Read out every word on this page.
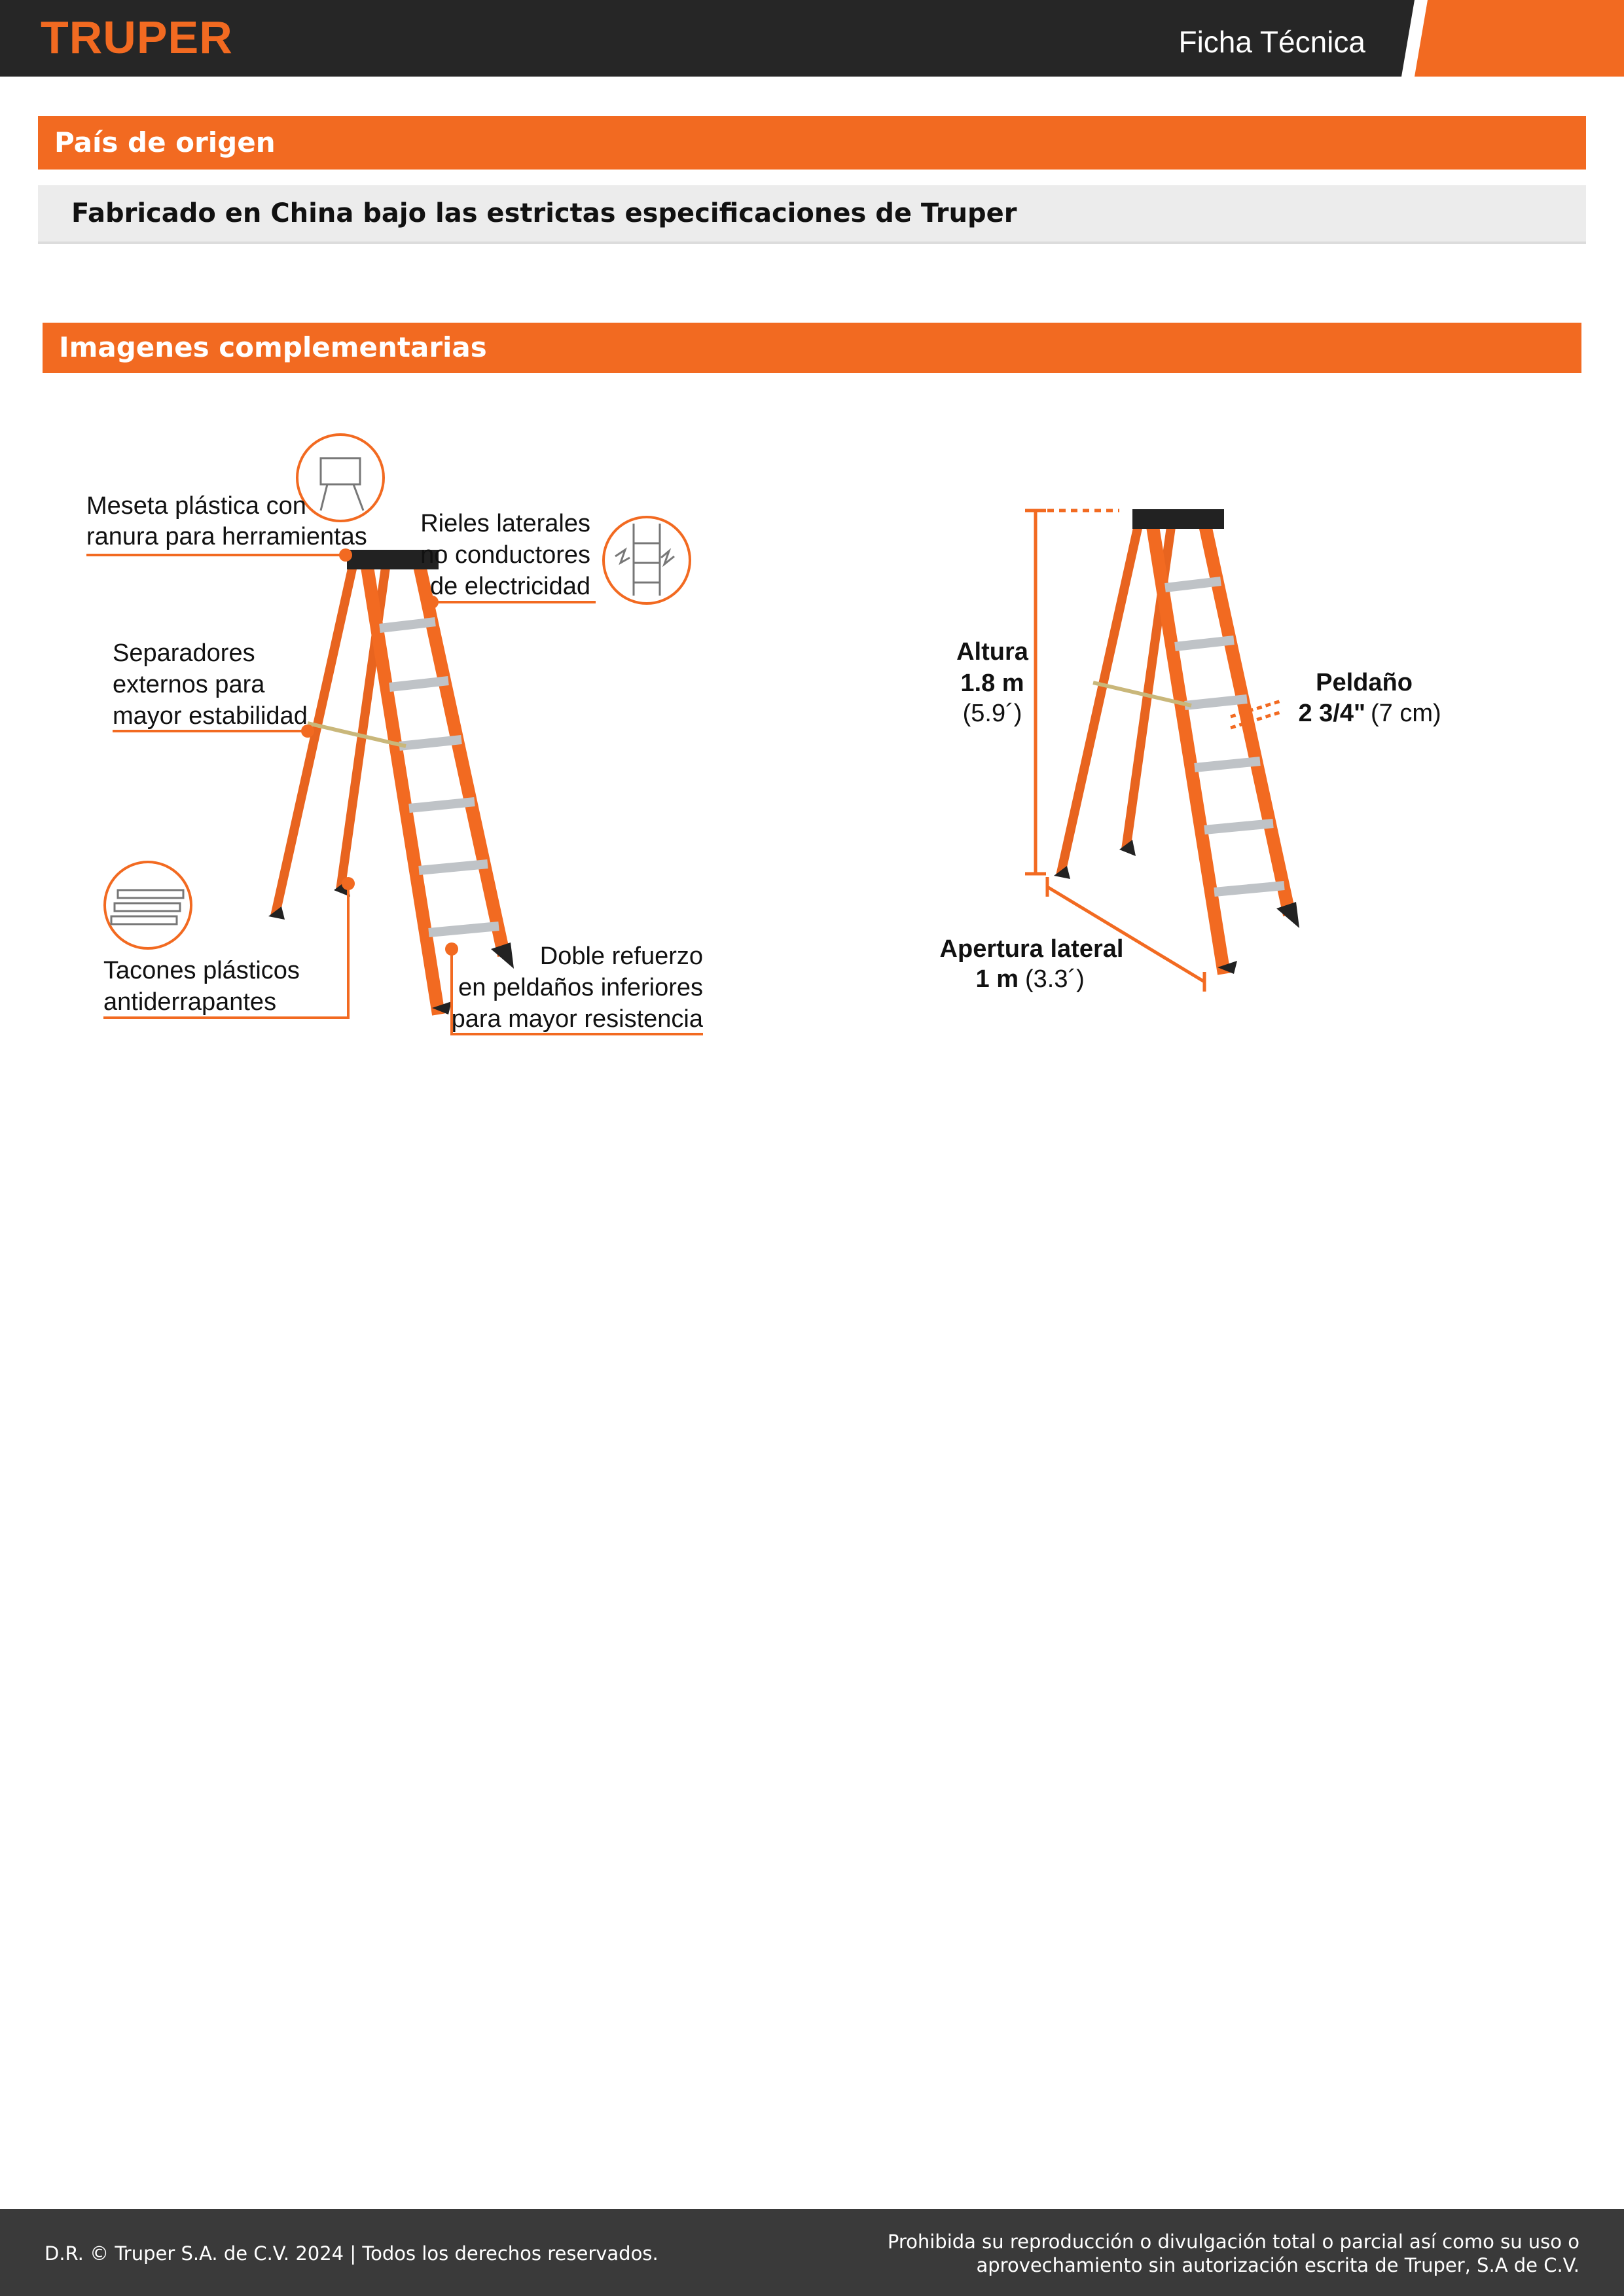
TRUPER	Ficha Técnica
País de origen
Fabricado en China bajo las estrictas especificaciones de Truper
Imagenes complementarias
Meseta plástica con
ranura para herramientas Rieles laterales
no conductores
de electricidad
Separadores
externos para
mayor estabilidad
Tacones plásticos
antiderrapantes
Doble refuerzo
en peldaños inferiores
para mayor resistencia
Altura
1.8 m
(5.9´)
Peldaño
2 3/4" (7 cm)
Apertura lateral
1 m (3.3´)
D.R. © Truper S.A. de C.V. 2024 | Todos los derechos reservados.
Prohibida su reproducción o divulgación total o parcial así como su uso o
aprovechamiento sin autorización escrita de Truper, S.A de C.V.
